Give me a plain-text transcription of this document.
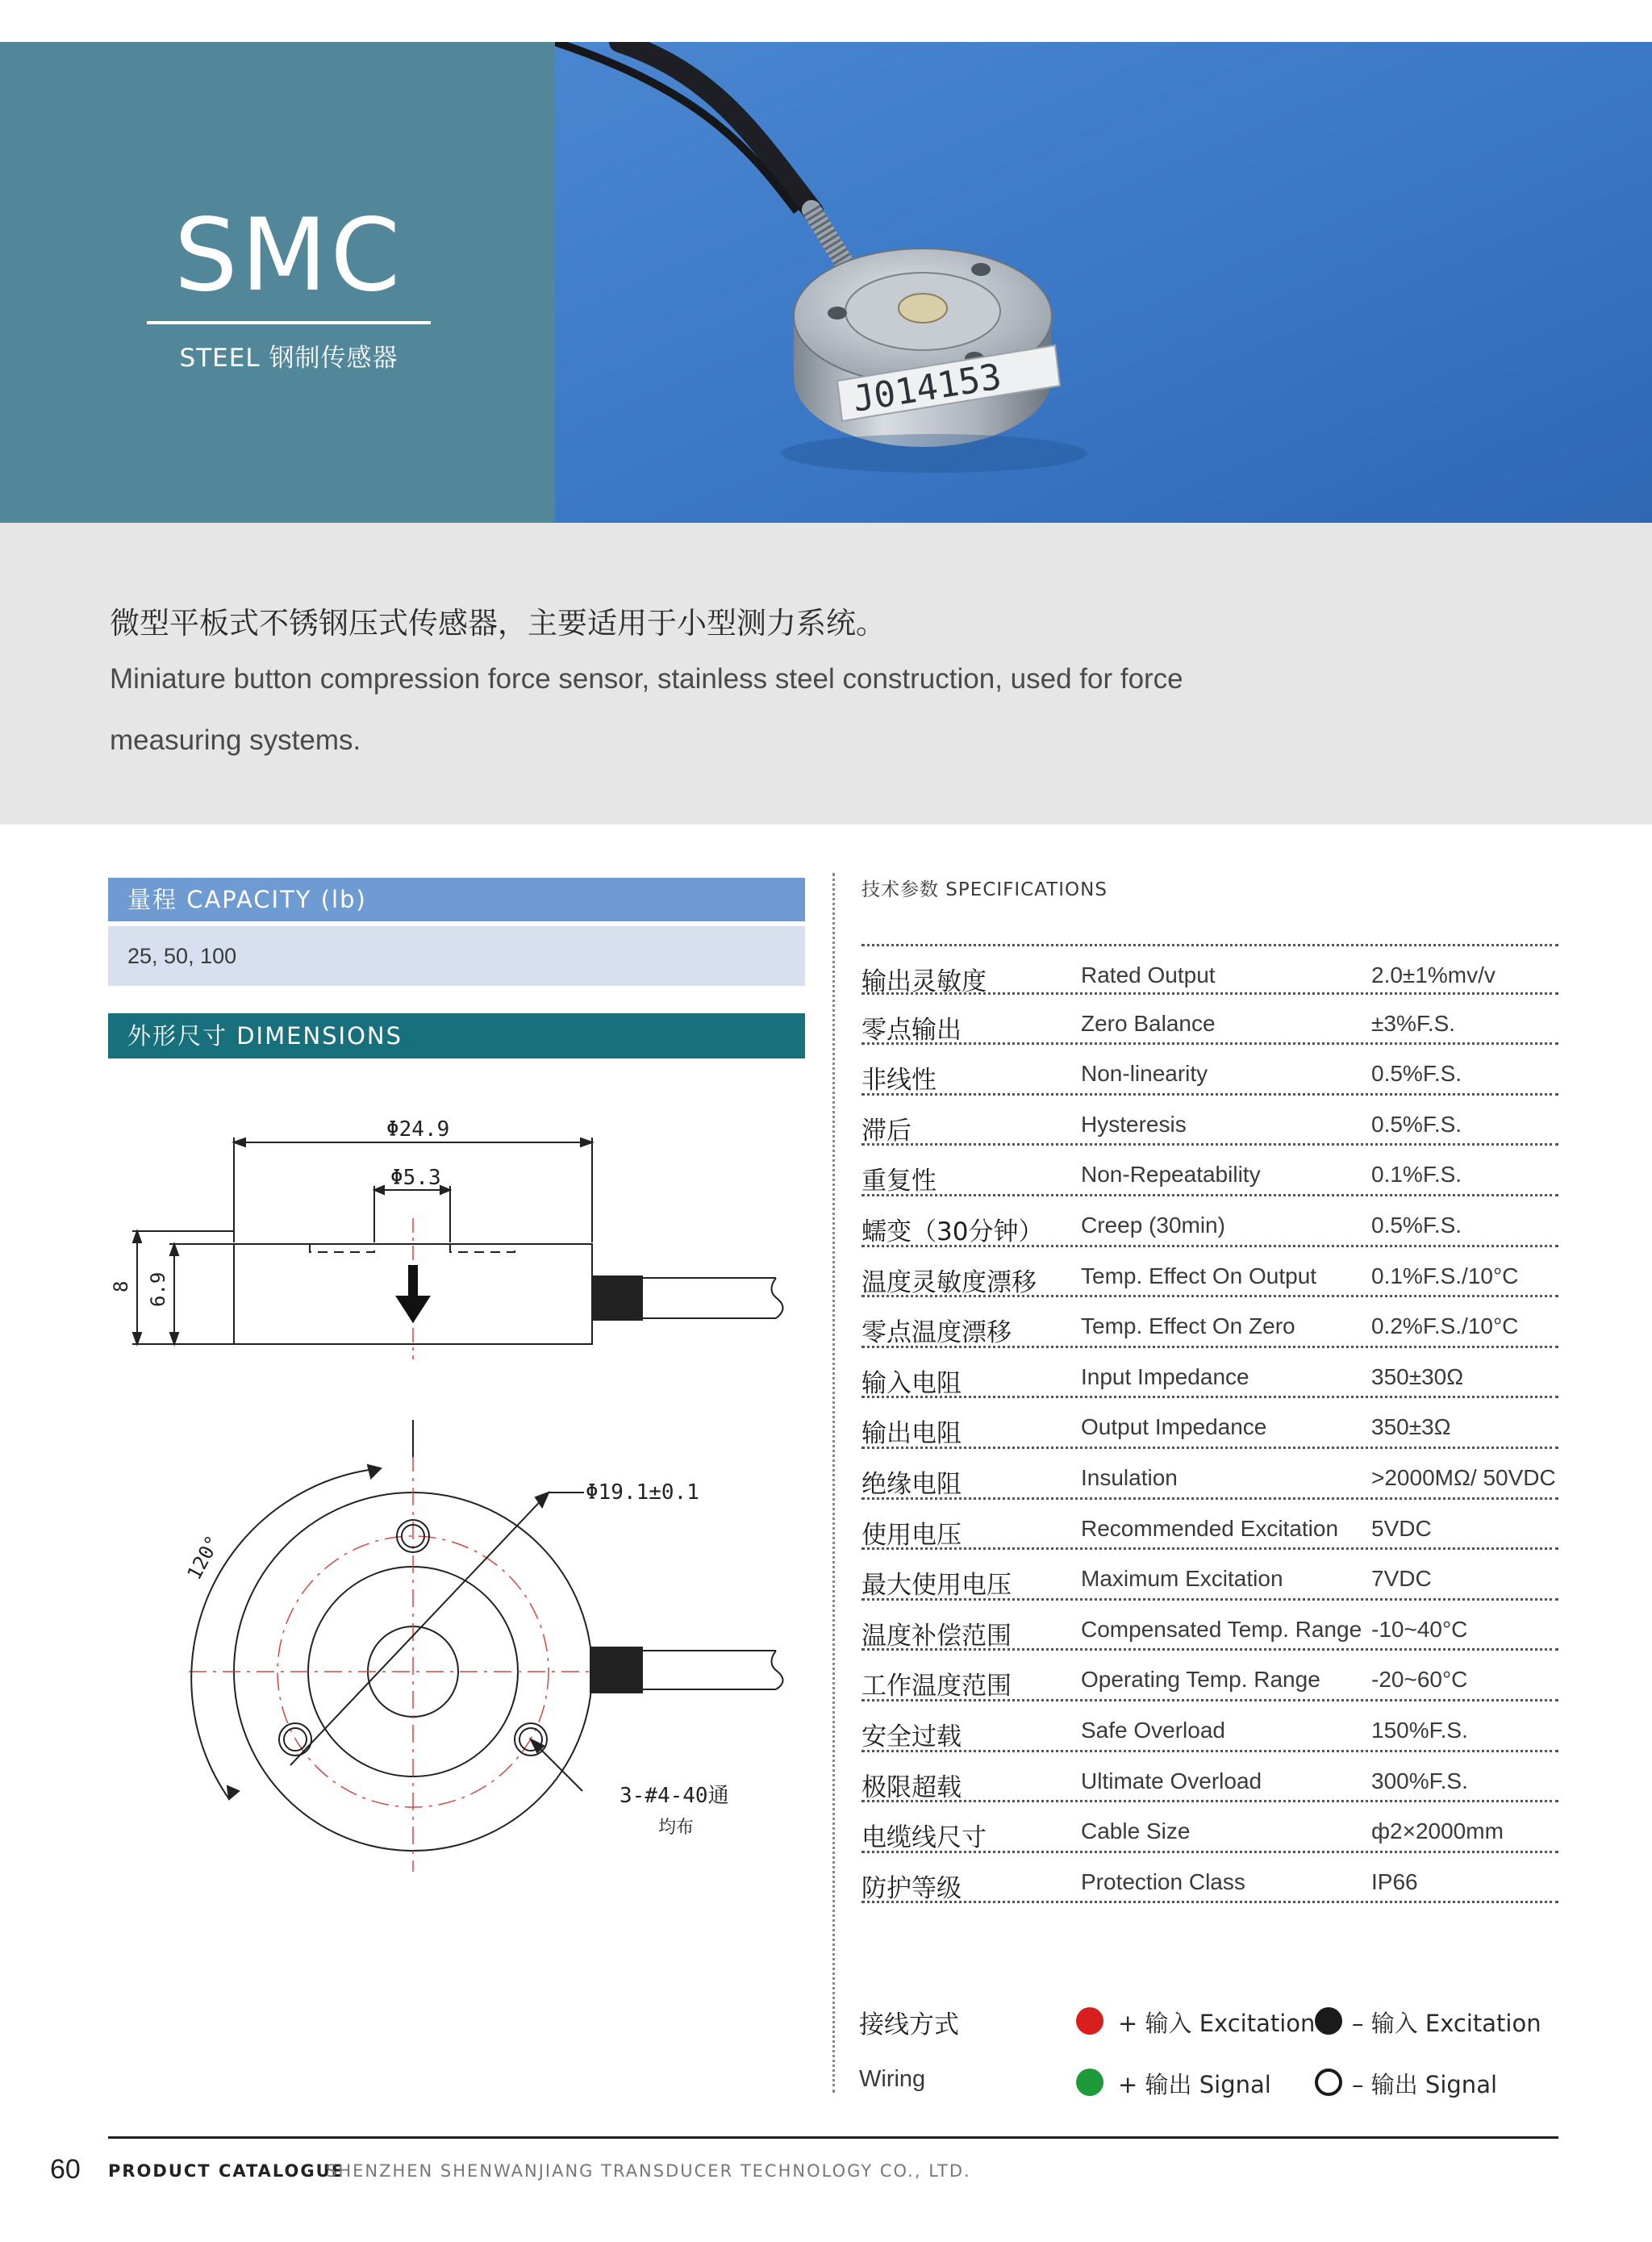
SMC
STEEL 钢制传感器	J014153
微型平板式不锈钢压式传感器，主要适用于小型测力系统。
Miniature button compression force sensor, stainless steel construction, used for force
measuring systems.
量程 CAPACITY (lb)
25, 50, 100
外形尺寸 DIMENSIONS
Φ24.9
Φ5.3
8 6.9
Φ19.1±0.1
120°
3-#4-40通
均布
技术参数 SPECIFICATIONS
输出灵敏度	Rated Output	2.0±1%mv/v
零点输出	Zero Balance	±3%F.S.
非线性	Non-linearity	0.5%F.S.
滞后	Hysteresis	0.5%F.S.
重复性	Non-Repeatability	0.1%F.S.
蠕变（30分钟） Creep (30min)	0.5%F.S.
温度灵敏度漂移 Temp. Effect On Output 0.1%F.S./10°C
零点温度漂移	Temp. Effect On Zero	0.2%F.S./10°C
输入电阻	Input Impedance	350±30Ω
输出电阻	Output Impedance	350±3Ω
绝缘电阻	Insulation	>2000MΩ/ 50VDC
使用电压	Recommended Excitation 5VDC
最大使用电压	Maximum Excitation	7VDC
温度补偿范围	Compensated Temp. Range -10~40°C
工作温度范围	Operating Temp. Range -20~60°C
安全过载	Safe Overload	150%F.S.
极限超载	Ultimate Overload	300%F.S.
电缆线尺寸	Cable Size	ф2×2000mm
防护等级	Protection Class	IP66
接线方式
Wiring
+ 输入 Excitation – 输入 Excitation
+ 输出 Signal	– 输出 Signal
60 PRODUCT CATALOGUE
SHENZHEN SHENWANJIANG TRANSDUCER TECHNOLOGY CO., LTD.
